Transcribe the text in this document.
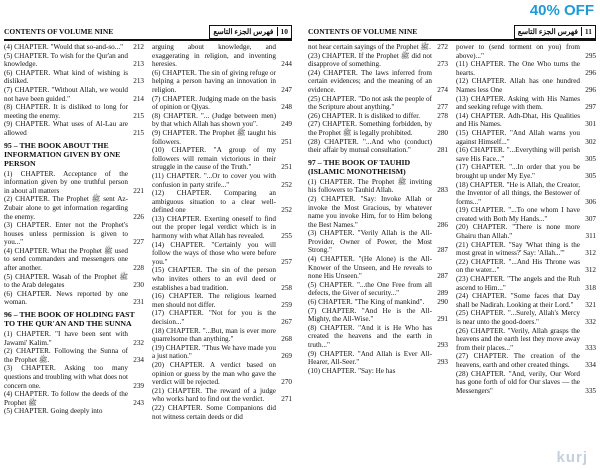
40% OFF
CONTENTS OF VOLUME NINE	فهرس الجزء التاسع 10
(4) CHAPTER. "Would that so-and-so..."	212
(5) CHAPTER. To wish for the Qur'an and knowledge.	213
(6) CHAPTER. What kind of wishing is disliked.	213
(7) CHAPTER. "Without Allah, we would not have been guided."	214
(8) CHAPTER. It is disliked to long for meeting the enemy.	215
(9) CHAPTER. What uses of Al-Lau are allowed	215
95 – THE BOOK ABOUT THE INFORMATION GIVEN BY ONE PERSON
(1) CHAPTER. Acceptance of the information given by one truthful person in about all matters	221
(2) CHAPTER. The Prophet ﷺ sent Az-Zubair alone to get information regarding the enemy.	226
(3) CHAPTER. Enter not the Prophet's houses unless permission is given to you..."	227
(4) CHAPTER. What the Prophet ﷺ used to send commanders and messengers one after another.	228
(5) CHAPTER. Wasah of the Prophet ﷺ to the Arab delegates	230
(6) CHAPTER. News reported by one woman.	231
96 – THE BOOK OF HOLDING FAST TO THE QUR'AN AND THE SUNNA
(1) CHAPTER. "I have been sent with Jawami' Kalim."	232
(2) CHAPTER. Following the Sunna of the Prophet ﷺ.	234
(3) CHAPTER. Asking too many questions and troubling with what does not concern one.	239
(4) CHAPTER. To follow the deeds of the Prophet ﷺ	243
(5) CHAPTER. Going deeply into
arguing about knowledge, and exaggerating in religion, and inventing heresies.	244
(6) CHAPTER. The sin of giving refuge or helping a person having an innovation in religion.	247
(7) CHAPTER. Judging made on the basis of opinion or Qiyas.	248
(8) CHAPTER. "... (Judge between men) by that which Allah has shown you".	249
(9) CHAPTER. The Prophet ﷺ taught his followers.	251
(10) CHAPTER. "A group of my followers will remain victorious in their struggle in the cause of the Truth."	251
(11) CHAPTER. "...Or to cover you with confusion in party strife..."	252
(12) CHAPTER. Comparing an ambiguous situation to a clear well-defined one	252
(13) CHAPTER. Exerting oneself to find out the proper legal verdict which is in harmony with what Allah has revealed.	255
(14) CHAPTER. "Certainly you will follow the ways of those who were before you."	257
(15) CHAPTER. The sin of the person who invites others to an evil deed or establishes a bad tradition.	258
(16) CHAPTER. The religious learned men should not differ.	259
(17) CHAPTER. "Not for you is the decision..."	267
(18) CHAPTER. "...But, man is ever more quarrelsome than anything."	268
(19) CHAPTER. "Thus We have made you a just nation."	269
(20) CHAPTER. A verdict based on opinion or guess by the man who gave the verdict will be rejected.	270
(21) CHAPTER. The reward of a judge who works hard to find out the verdict.	271
(22) CHAPTER. Some Companions did not witness certain deeds or did
CONTENTS OF VOLUME NINE	فهرس الجزء التاسع 11
not hear certain sayings of the Prophet ﷺ. 272
(23) CHAPTER. If the Prophet ﷺ did not disapprove of something.	273
(24) CHAPTER. The laws inferred from certain evidences; and the meaning of an evidence.	274
(25) CHAPTER. "Do not ask the people of the Scripture about anything."	277
(26) CHAPTER. It is disliked to differ.	278
(27) CHAPTER. Something forbidden, by the Prophet ﷺ is legally prohibited.	280
(28) CHAPTER. "...And who (conduct) their affair by mutual consultation."	281
97 – THE BOOK OF TAUHID (ISLAMIC MONOTHEISM)
(1) CHAPTER. The Prophet ﷺ inviting his followers to Tauhid Allah.	283
(2) CHAPTER. "Say: Invoke Allah or invoke the Most Gracious, by whatever name you invoke Him, for to Him belong the Best Names."	286
(3) CHAPTER. "Verily Allah is the All-Provider, Owner of Power, the Most Strong."	287
(4) CHAPTER. "(He Alone) is the All-Knower of the Unseen, and He reveals to none His Unseen."	287
(5) CHAPTER. "...the One Free from all defects, the Giver of security..."	289
(6) CHAPTER. "The King of mankind".	290
(7) CHAPTER. "And He is the All-Mighty, the All-Wise."	291
(8) CHAPTER. "And it is He Who has created the heavens and the earth in truth..."	293
(9) CHAPTER. "And Allah is Ever All-Hearer, All-Seer."	293
(10) CHAPTER. "Say: He has
power to (send torment on you) from above)..."	295
(11) CHAPTER. The One Who turns the hearts.	296
(12) CHAPTER. Allah has one hundred Names less One	296
(13) CHAPTER. Asking with His Names and seeking refuge with them.	297
(14) CHAPTER. Adh-Dhat, His Qualities and His Names.	301
(15) CHAPTER. "And Allah warns you against Himself..."	302
(16) CHAPTER. "...Everything will perish save His Face..."	305
(17) CHAPTER. "...In order that you be brought up under My Eye."	305
(18) CHAPTER. "He is Allah, the Creator, the Inventor of all things, the Bestower of forms..."	306
(19) CHAPTER. "...To one whom I have created with Both My Hands..."	307
(20) CHAPTER. "There is none more Ghairu than Allah."	311
(21) CHAPTER. "Say 'What thing is the most great in witness?' Say: 'Allah...'"	312
(22) CHAPTER. "...And His Throne was on the water..."	312
(23) CHAPTER. "The angels and the Ruh ascend to Him..."	318
(24) CHAPTER. "Some faces that Day shall be Nadirah. Looking at their Lord."	321
(25) CHAPTER. "...Surely, Allah's Mercy is near unto the good-doers."	332
(26) CHAPTER. "Verily, Allah grasps the heavens and the earth lest they move away from their places..."	333
(27) CHAPTER. The creation of the heavens, earth and other created things.	334
(28) CHAPTER. "And, verily, Our Word has gone forth of old for Our slaves — the Messengers"	335
kurj
